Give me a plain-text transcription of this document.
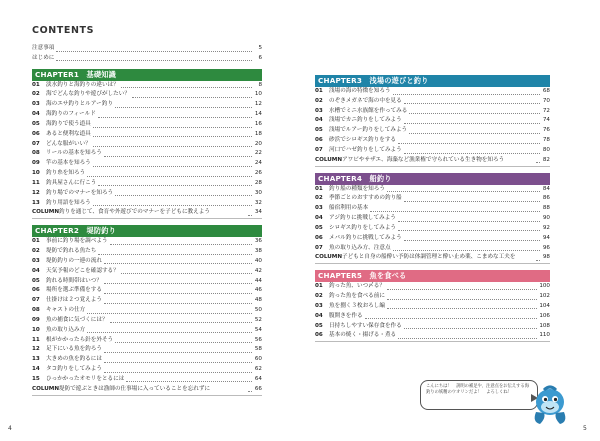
CONTENTS
注意事項	5
はじめに	6
CHAPTER1　基礎知識
01	淡水釣りと海釣りの違いは？	8
02	海でどんな釣りや遊びがしたい？	10
03	海のエサ釣りとルアー釣り	12
04	海釣りのフィールド	14
05	海釣りで使う道具	16
06	あると便利な道具	18
07	どんな服がいい？	20
08	リールの基本を知ろう	22
09	竿の基本を知ろう	24
10	釣り糸を知ろう	26
11	釣具屋さんに行こう	28
12	釣り場でのマナーを知ろう	30
13	釣り用語を知ろう	32
COLUMN 釣りを通じて、食育や外遊びでのマナーを子どもに教えよう	34
CHAPTER2　堤防釣り
01	事前に釣り場を調べよう	36
02	堤防で釣れる魚たち	38
03	堤防釣りの一連の流れ	40
04	天気予報のどこを確認する？	42
05	釣れる時間帯はいつ？	44
06	場所を選ぶ準備をする	46
07	仕掛けは２つ覚えよう	48
08	キャストの仕方	50
09	魚の捕食に気づくには？	52
10	魚の取り込み方	54
11	根がかかったら針を外そう	56
12	足下にいる魚を釣ろう	58
13	大きめの魚を釣るには	60
14	タコ釣りをしてみよう	62
15	ひっかかったオモリをとるには	64
COLUMN 堤防で遊ぶときは漁師の仕事場に入っていることを忘れずに	66
CHAPTER3　浅場の遊びと釣り
01	浅場の海の特徴を知ろう	68
02	のぞきメガネで海の中を見る	70
03	水槽でミニ水族館を作ってみる	72
04	浅場でカニ釣りをしてみよう	74
05	浅場でルアー釣りをしてみよう	76
06	砂浜でシロギス釣りをする	78
07	河口でハゼ釣りをしてみよう	80
COLUMN アワビやサザエ、海藻など漁業権で守られている生き物を知ろう	82
CHAPTER4　船釣り
01	釣り船の種類を知ろう	84
02	季節ごとのおすすめの釣り船	86
03	船宿利用の基本	88
04	アジ釣りに挑戦してみよう	90
05	シロギス釣りをしてみよう	92
06	メバル釣りに挑戦してみよう	94
07	魚の取り込み方、注意点	96
COLUMN 子どもと自身の船酔い予防は体調管理と酔い止め薬、こまめな工夫を	98
CHAPTER5　魚を食べる
01	釣った魚、いつ〆る？	100
02	釣った魚を食べる前に	102
03	魚を捌く３枚おろし編	104
04	腹開きを作る	106
05	日持ちしやすい保存食を作る	108
06	基本の焼く・揚げる・煮る	110
4	5
こんにちは！　説明の補足や、注意点をお伝えする海釣りの妖精のウオリンだよ！　よろしくね！
